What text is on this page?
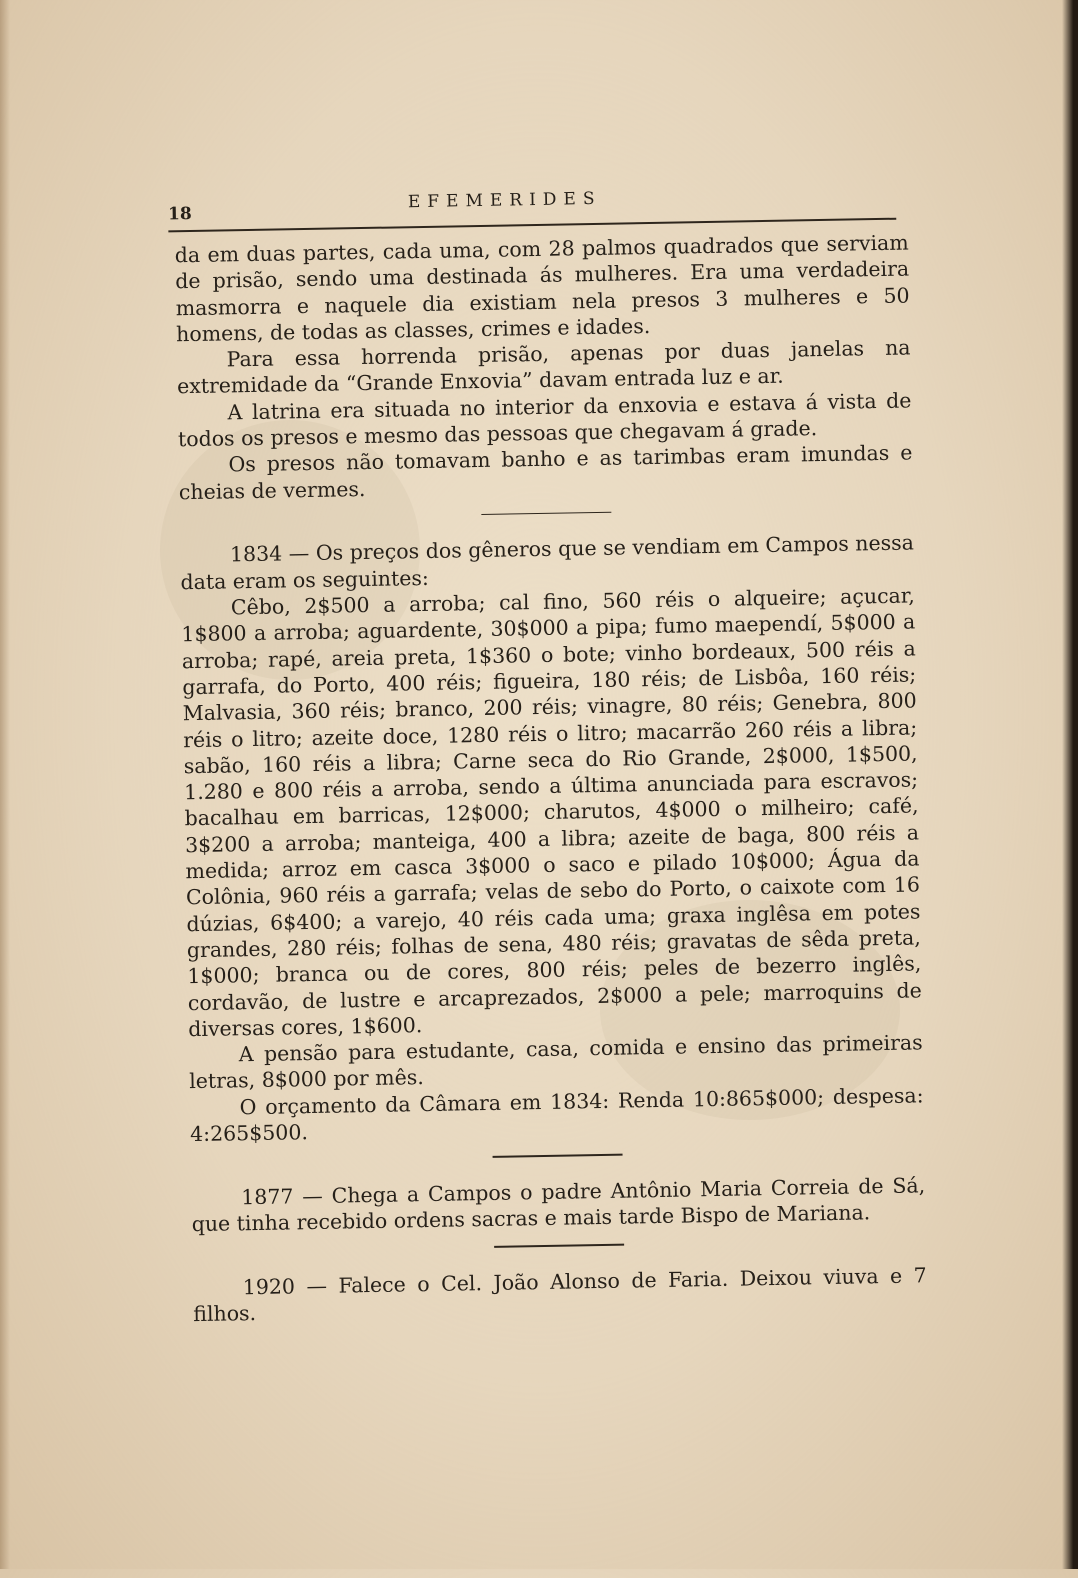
18
EFEMERIDES

da em duas partes, cada uma, com 28 palmos quadrados que serviam de prisão, sendo uma destinada ás mulheres. Era uma verdadeira masmorra e naquele dia existiam nela presos 3 mulheres e 50 homens, de todas as classes, crimes e idades.

Para essa horrenda prisão, apenas por duas janelas na extremidade da “Grande Enxovia” davam entrada luz e ar.

A latrina era situada no interior da enxovia e estava á vista de todos os presos e mesmo das pessoas que chegavam á grade.

Os presos não tomavam banho e as tarimbas eram imundas e cheias de vermes.

1834 — Os preços dos gêneros que se vendiam em Campos nessa data eram os seguintes:

Cêbo, 2$500 a arroba; cal fino, 560 réis o alqueire; açucar, 1$800 a arroba; aguardente, 30$000 a pipa; fumo maependí, 5$000 a arroba; rapé, areia preta, 1$360 o bote; vinho bordeaux, 500 réis a garrafa, do Porto, 400 réis; figueira, 180 réis; de Lisbôa, 160 réis; Malvasia, 360 réis; branco, 200 réis; vinagre, 80 réis; Genebra, 800 réis o litro; azeite doce, 1280 réis o litro; macarrão 260 réis a libra; sabão, 160 réis a libra; Carne seca do Rio Grande, 2$000, 1$500, 1.280 e 800 réis a arroba, sendo a última anunciada para escravos; bacalhau em barricas, 12$000; charutos, 4$000 o milheiro; café, 3$200 a arroba; manteiga, 400 a libra; azeite de baga, 800 réis a medida; arroz em casca 3$000 o saco e pilado 10$000; Água da Colônia, 960 réis a garrafa; velas de sebo do Porto, o caixote com 16 dúzias, 6$400; a varejo, 40 réis cada uma; graxa inglêsa em potes grandes, 280 réis; folhas de sena, 480 réis; gravatas de sêda preta, 1$000; branca ou de cores, 800 réis; peles de bezerro inglês, cordavão, de lustre e arcaprezados, 2$000 a pele; marroquins de diversas cores, 1$600.

A pensão para estudante, casa, comida e ensino das primeiras letras, 8$000 por mês.

O orçamento da Câmara em 1834: Renda 10:865$000; despesa: 4:265$500.

1877 — Chega a Campos o padre Antônio Maria Correia de Sá, que tinha recebido ordens sacras e mais tarde Bispo de Mariana.

1920 — Falece o Cel. João Alonso de Faria. Deixou viuva e 7 filhos.
